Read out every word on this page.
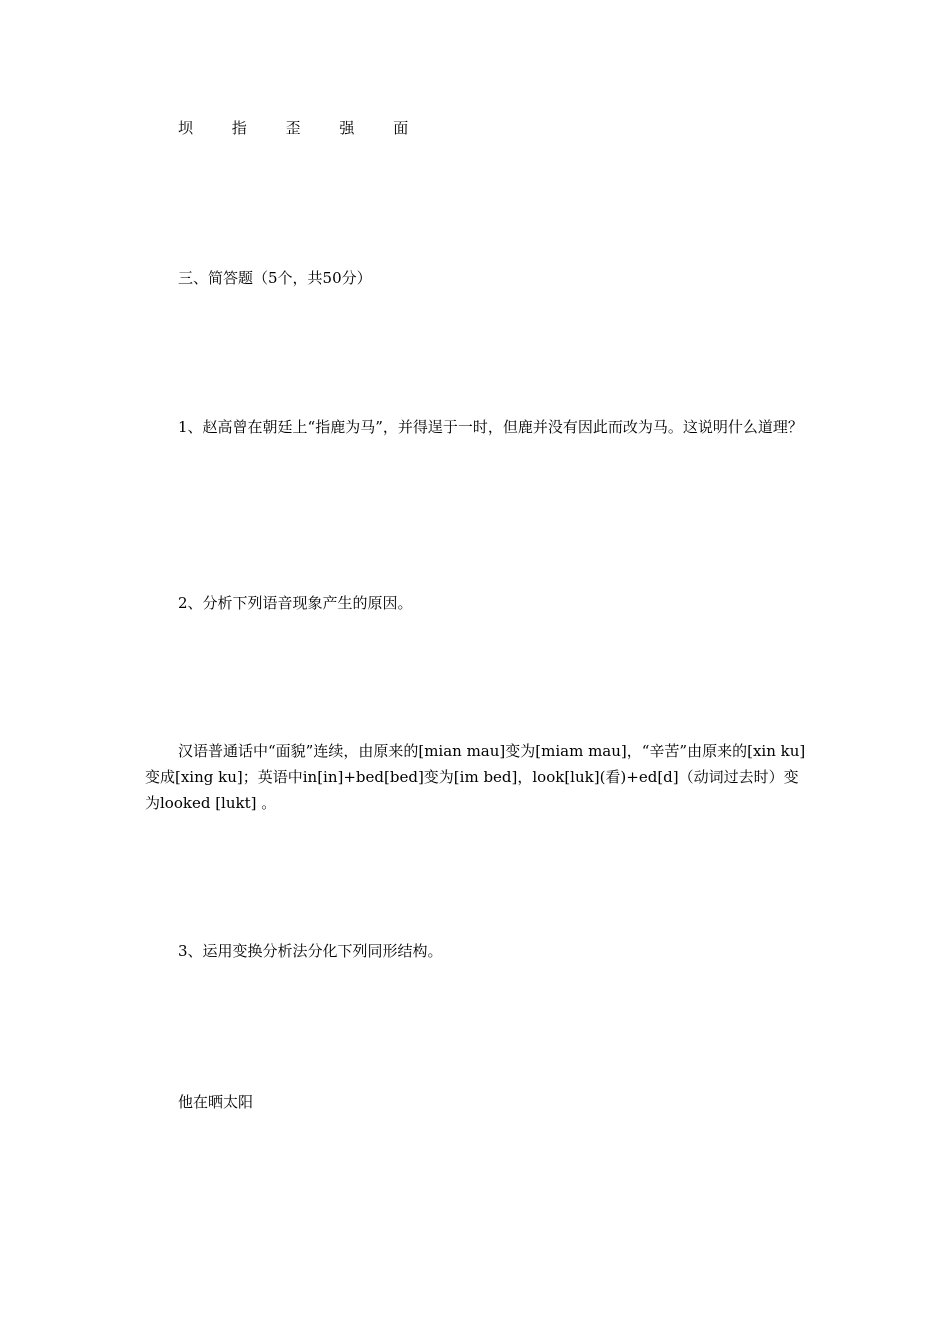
坝	指	歪	强	面
三、简答题（5个，共50分）
1、赵高曾在朝廷上“指鹿为马”，并得逞于一时，但鹿并没有因此而改为马。这说明什么道理？
2、分析下列语音现象产生的原因。
汉语普通话中“面貌”连续，由原来的[mian mau]变为[miam mau]，“辛苦”由原来的[xin ku]变成[xing ku]；英语中in[in]+bed[bed]变为[im bed]，look[luk](看)+ed[d]（动词过去时）变为looked [lukt] 。
3、运用变换分析法分化下列同形结构。
他在晒太阳
